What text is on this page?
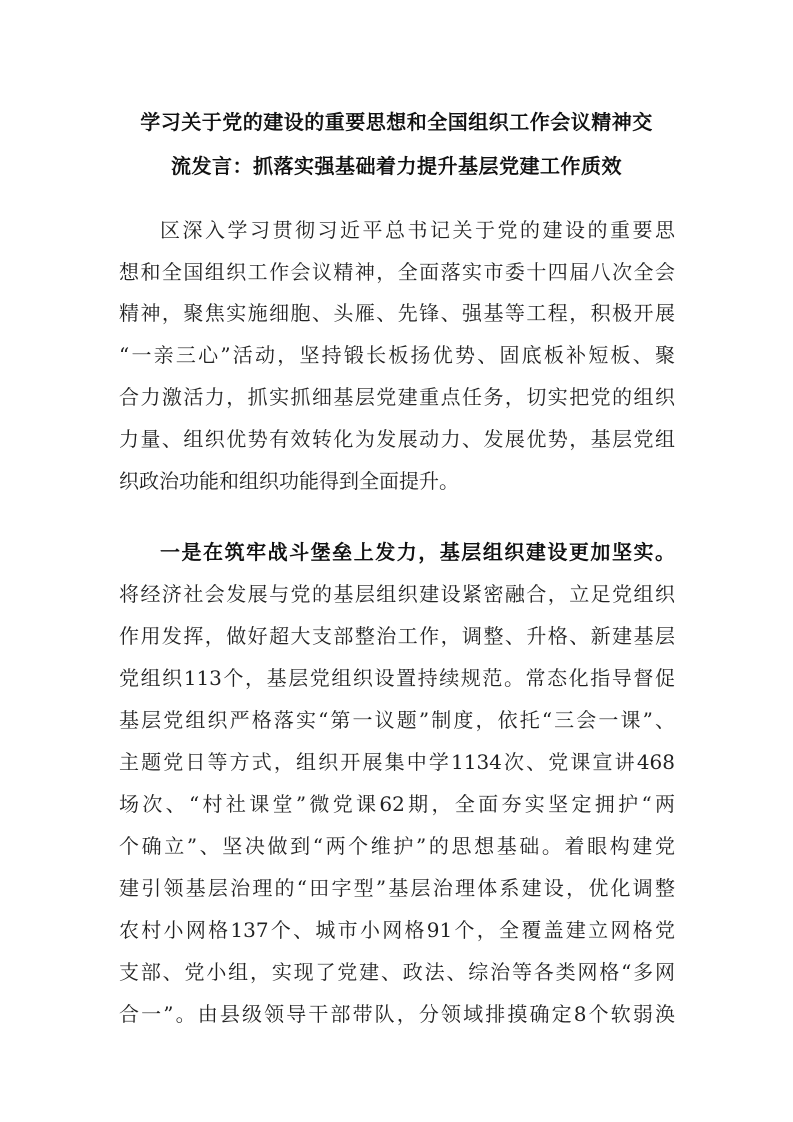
学习关于党的建设的重要思想和全国组织工作会议精神交
流发言：抓落实强基础着力提升基层党建工作质效
区深入学习贯彻习近平总书记关于党的建设的重要思
想和全国组织工作会议精神，全面落实市委十四届八次全会
精神，聚焦实施细胞、头雁、先锋、强基等工程，积极开展
“一亲三心”活动，坚持锻长板扬优势、固底板补短板、聚
合力激活力，抓实抓细基层党建重点任务，切实把党的组织
力量、组织优势有效转化为发展动力、发展优势，基层党组
织政治功能和组织功能得到全面提升。
一是在筑牢战斗堡垒上发力，基层组织建设更加坚实。
将经济社会发展与党的基层组织建设紧密融合，立足党组织
作用发挥，做好超大支部整治工作，调整、升格、新建基层
党组织113个，基层党组织设置持续规范。常态化指导督促
基层党组织严格落实“第一议题”制度，依托“三会一课”、
主题党日等方式，组织开展集中学1134次、党课宣讲468
场次、“村社课堂”微党课62期，全面夯实坚定拥护“两
个确立”、坚决做到“两个维护”的思想基础。着眼构建党
建引领基层治理的“田字型”基层治理体系建设，优化调整
农村小网格137个、城市小网格91个，全覆盖建立网格党
支部、党小组，实现了党建、政法、综治等各类网格“多网
合一”。由县级领导干部带队，分领域排摸确定8个软弱涣
